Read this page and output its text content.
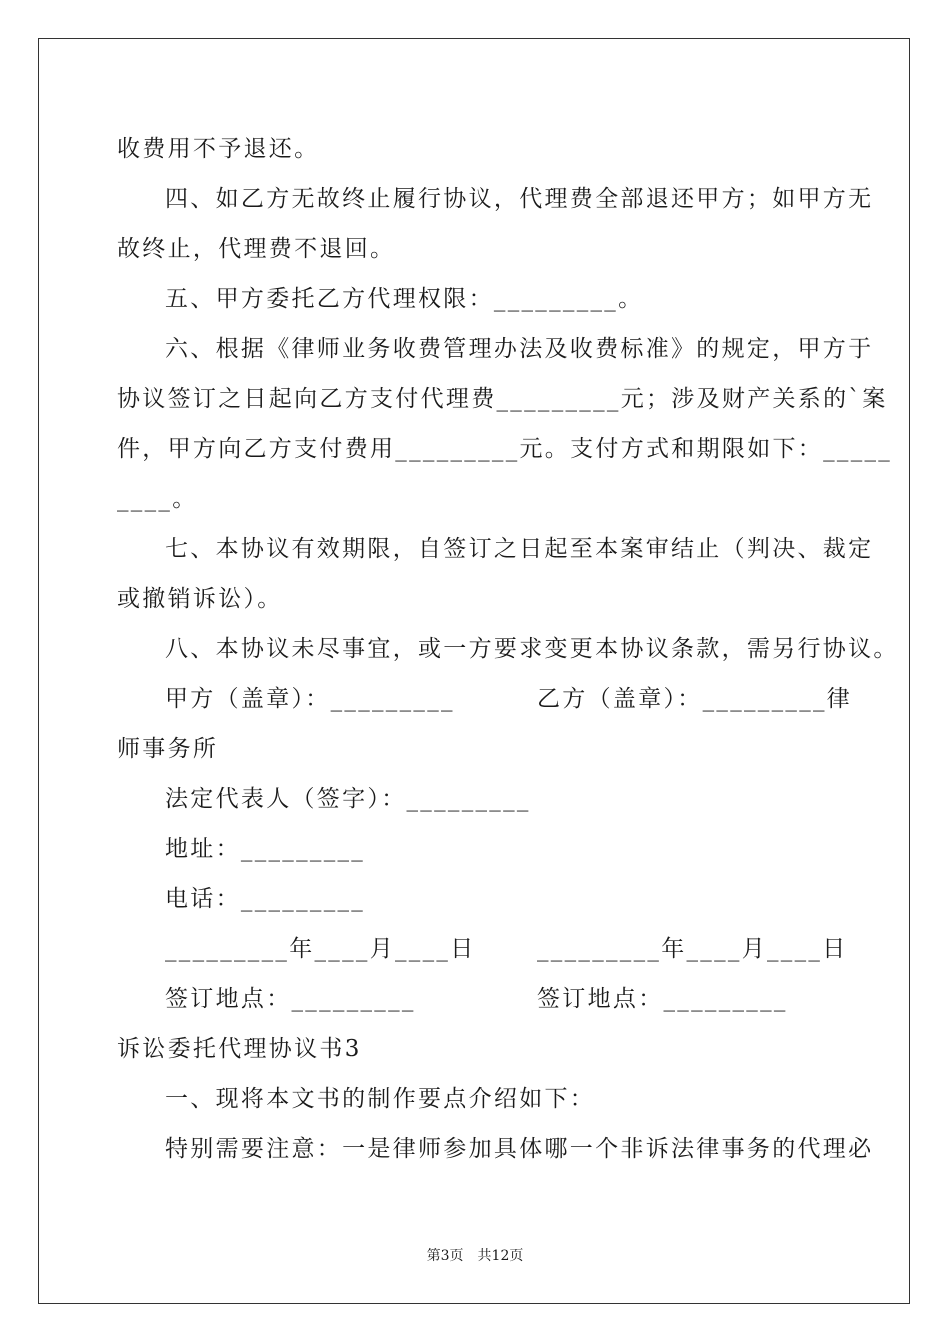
收费用不予退还。
四、如乙方无故终止履行协议，代理费全部退还甲方；如甲方无
故终止，代理费不退回。
五、甲方委托乙方代理权限：_________。
六、根据《律师业务收费管理办法及收费标准》的规定，甲方于
协议签订之日起向乙方支付代理费_________元；涉及财产关系的`案
件，甲方向乙方支付费用_________元。支付方式和期限如下：_____
____。
七、本协议有效期限，自签订之日起至本案审结止（判决、裁定
或撤销诉讼）。
八、本协议未尽事宜，或一方要求变更本协议条款，需另行协议。
甲方（盖章）：_________	乙方（盖章）：_________律
师事务所
法定代表人（签字）：_________
地址：_________
电话：_________
_________年____月____日	_________年____月____日
签订地点：_________	签订地点：_________
诉讼委托代理协议书3
一、现将本文书的制作要点介绍如下：
特别需要注意：一是律师参加具体哪一个非诉法律事务的代理必
第3页 共12页
